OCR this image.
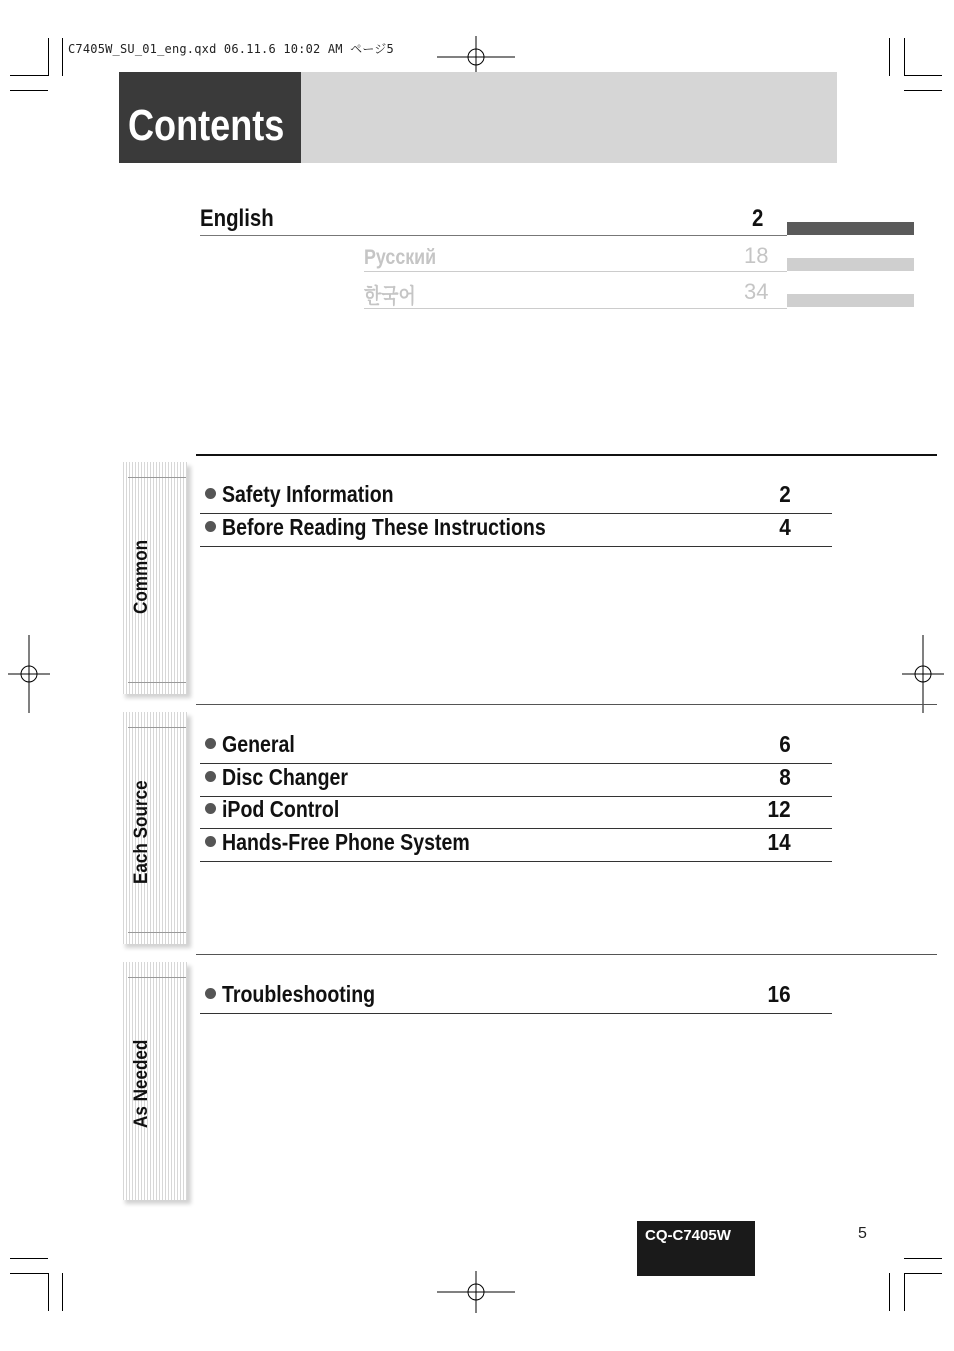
C7405W_SU_01_eng.qxd 06.11.6 10:02 AM ページ5
Contents
English	2
Русский	18
한국어	34
Common
Safety Information	2
Before Reading These Instructions	4
Each Source
General	6
Disc Changer	8
iPod Control	12
Hands-Free Phone System	14
As Needed
Troubleshooting	16
CQ-C7405W	5
